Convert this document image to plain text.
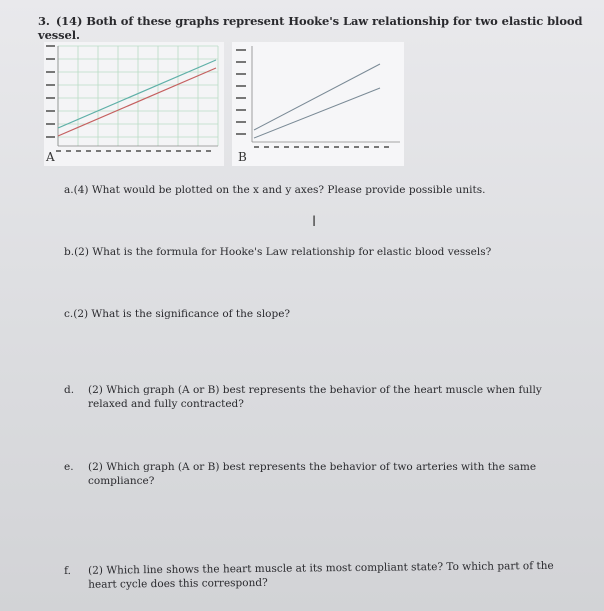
3. (14) Both of these graphs represent Hooke's Law relationship for two elastic blood vessel.
A	B
a.(4) What would be plotted on the x and y axes? Please provide possible units.
I
b.(2) What is the formula for Hooke's Law relationship for elastic blood vessels?
c.(2) What is the significance of the slope?
d.	(2) Which graph (A or B) best represents the behavior of the heart muscle when fully relaxed and fully contracted?
e.	(2) Which graph (A or B) best represents the behavior of two arteries with the same compliance?
f.	(2) Which line shows the heart muscle at its most compliant state? To which part of the heart cycle does this correspond?
